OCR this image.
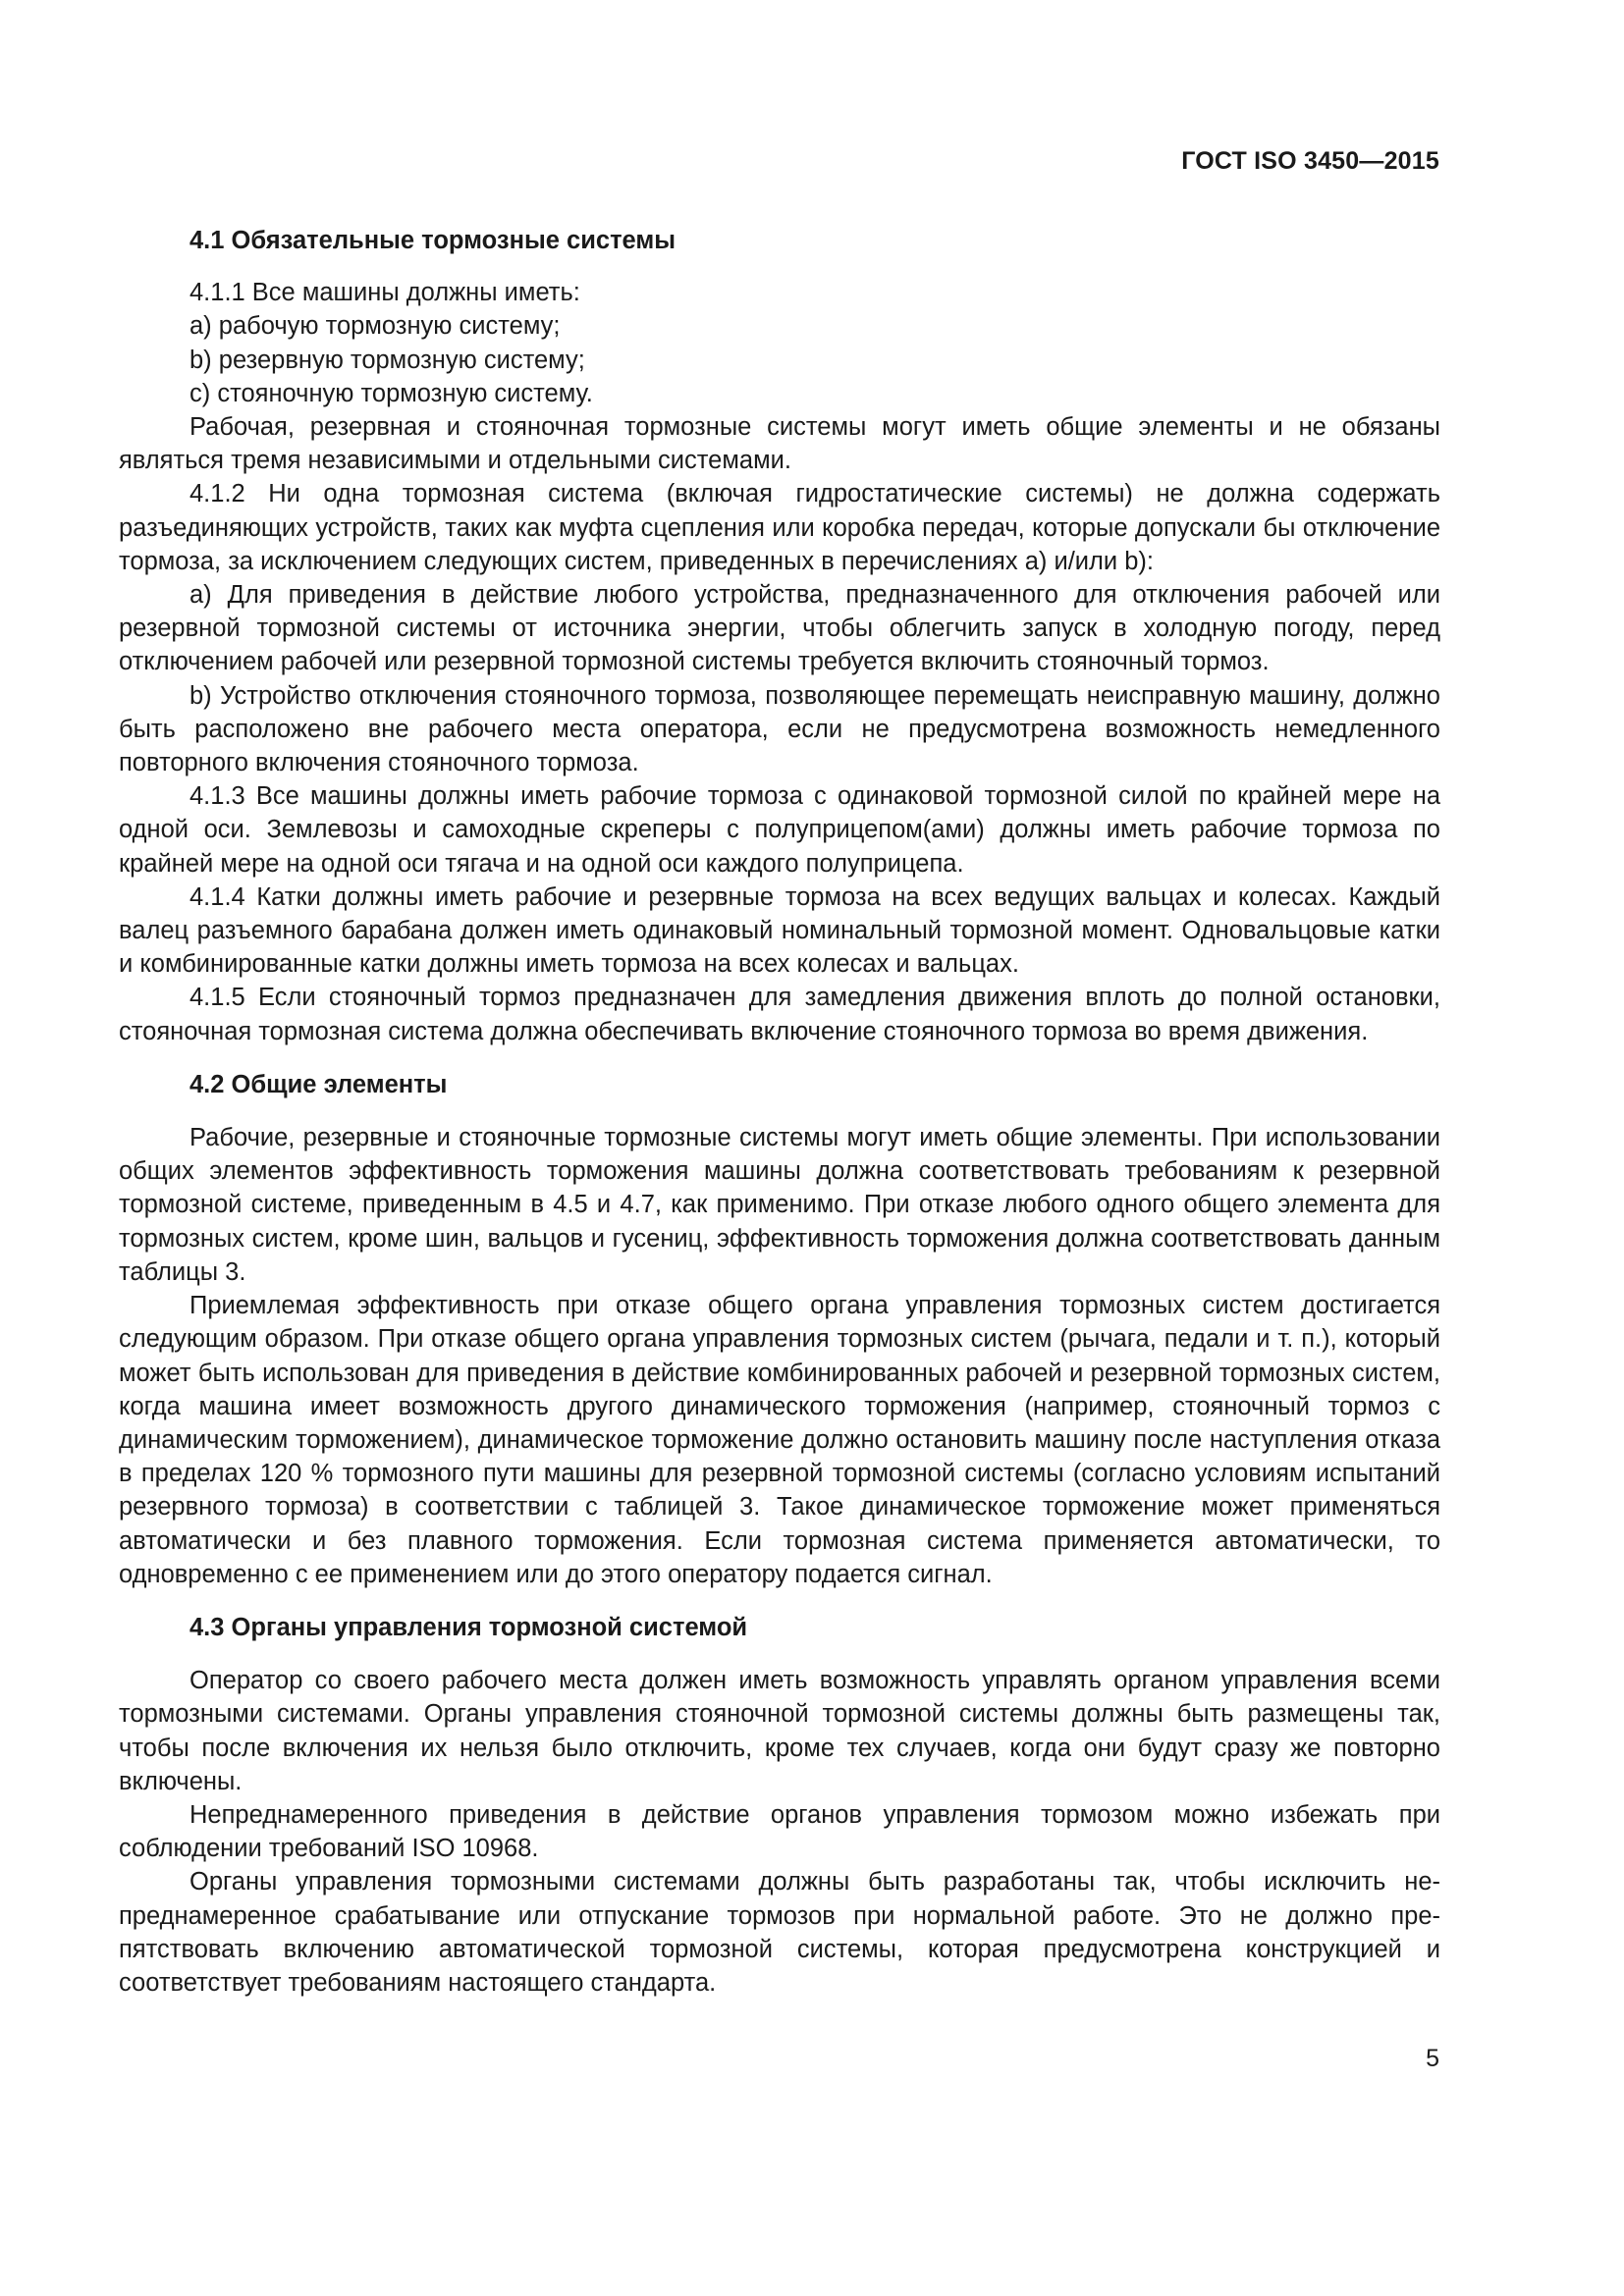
ГОСТ ISO 3450—2015
4.1 Обязательные тормозные системы

4.1.1 Все машины должны иметь:

a) рабочую тормозную систему;

b) резервную тормозную систему;

c) стояночную тормозную систему.

Рабочая, резервная и стояночная тормозные системы могут иметь общие элементы и не обязаны являться тремя независимыми и отдельными системами.

4.1.2 Ни одна тормозная система (включая гидростатические системы) не должна содержать разъединяющих устройств, таких как муфта сцепления или коробка передач, которые допускали бы отключение тормоза, за исключением следующих систем, приведенных в перечислениях a) и/или b):

a) Для приведения в действие любого устройства, предназначенного для отключения рабочей или резервной тормозной системы от источника энергии, чтобы облегчить запуск в холодную погоду, перед отключением рабочей или резервной тормозной системы требуется включить стояночный тормоз.

b) Устройство отключения стояночного тормоза, позволяющее перемещать неисправную машину, должно быть расположено вне рабочего места оператора, если не предусмотрена возможность немедленного повторного включения стояночного тормоза.

4.1.3 Все машины должны иметь рабочие тормоза с одинаковой тормозной силой по крайней мере на одной оси. Землевозы и самоходные скреперы с полуприцепом(ами) должны иметь рабочие тормоза по крайней мере на одной оси тягача и на одной оси каждого полуприцепа.

4.1.4 Катки должны иметь рабочие и резервные тормоза на всех ведущих вальцах и колесах. Каждый валец разъемного барабана должен иметь одинаковый номинальный тормозной момент. Одновальцовые катки и комбинированные катки должны иметь тормоза на всех колесах и вальцах.

4.1.5 Если стояночный тормоз предназначен для замедления движения вплоть до полной остановки, стояночная тормозная система должна обеспечивать включение стояночного тормоза во время движения.

4.2 Общие элементы

Рабочие, резервные и стояночные тормозные системы могут иметь общие элементы. При использовании общих элементов эффективность торможения машины должна соответствовать требованиям к резервной тормозной системе, приведенным в 4.5 и 4.7, как применимо. При отказе любого одного общего элемента для тормозных систем, кроме шин, вальцов и гусениц, эффективность торможения должна соответствовать данным таблицы 3.

Приемлемая эффективность при отказе общего органа управления тормозных систем достигается следующим образом. При отказе общего органа управления тормозных систем (рычага, педали и т. п.), который может быть использован для приведения в действие комбинированных рабочей и резервной тормозных систем, когда машина имеет возможность другого динамического торможения (например, стояночный тормоз с динамическим торможением), динамическое торможение должно остановить машину после наступления отказа в пределах 120 % тормозного пути машины для резервной тормозной системы (согласно условиям испытаний резервного тормоза) в соответствии с таблицей 3. Такое динамическое торможение может применяться автоматически и без плавного торможения. Если тормозная система применяется автоматически, то одновременно с ее применением или до этого оператору подается сигнал.

4.3 Органы управления тормозной системой

Оператор со своего рабочего места должен иметь возможность управлять органом управления всеми тормозными системами. Органы управления стояночной тормозной системы должны быть размещены так, чтобы после включения их нельзя было отключить, кроме тех случаев, когда они будут сразу же повторно включены.

Непреднамеренного приведения в действие органов управления тормозом можно избежать при соблюдении требований ISO 10968.

Органы управления тормозными системами должны быть разработаны так, чтобы исключить непреднамеренное срабатывание или отпускание тормозов при нормальной работе. Это не должно препятствовать включению автоматической тормозной системы, которая предусмотрена конструкцией и соответствует требованиям настоящего стандарта.

5
